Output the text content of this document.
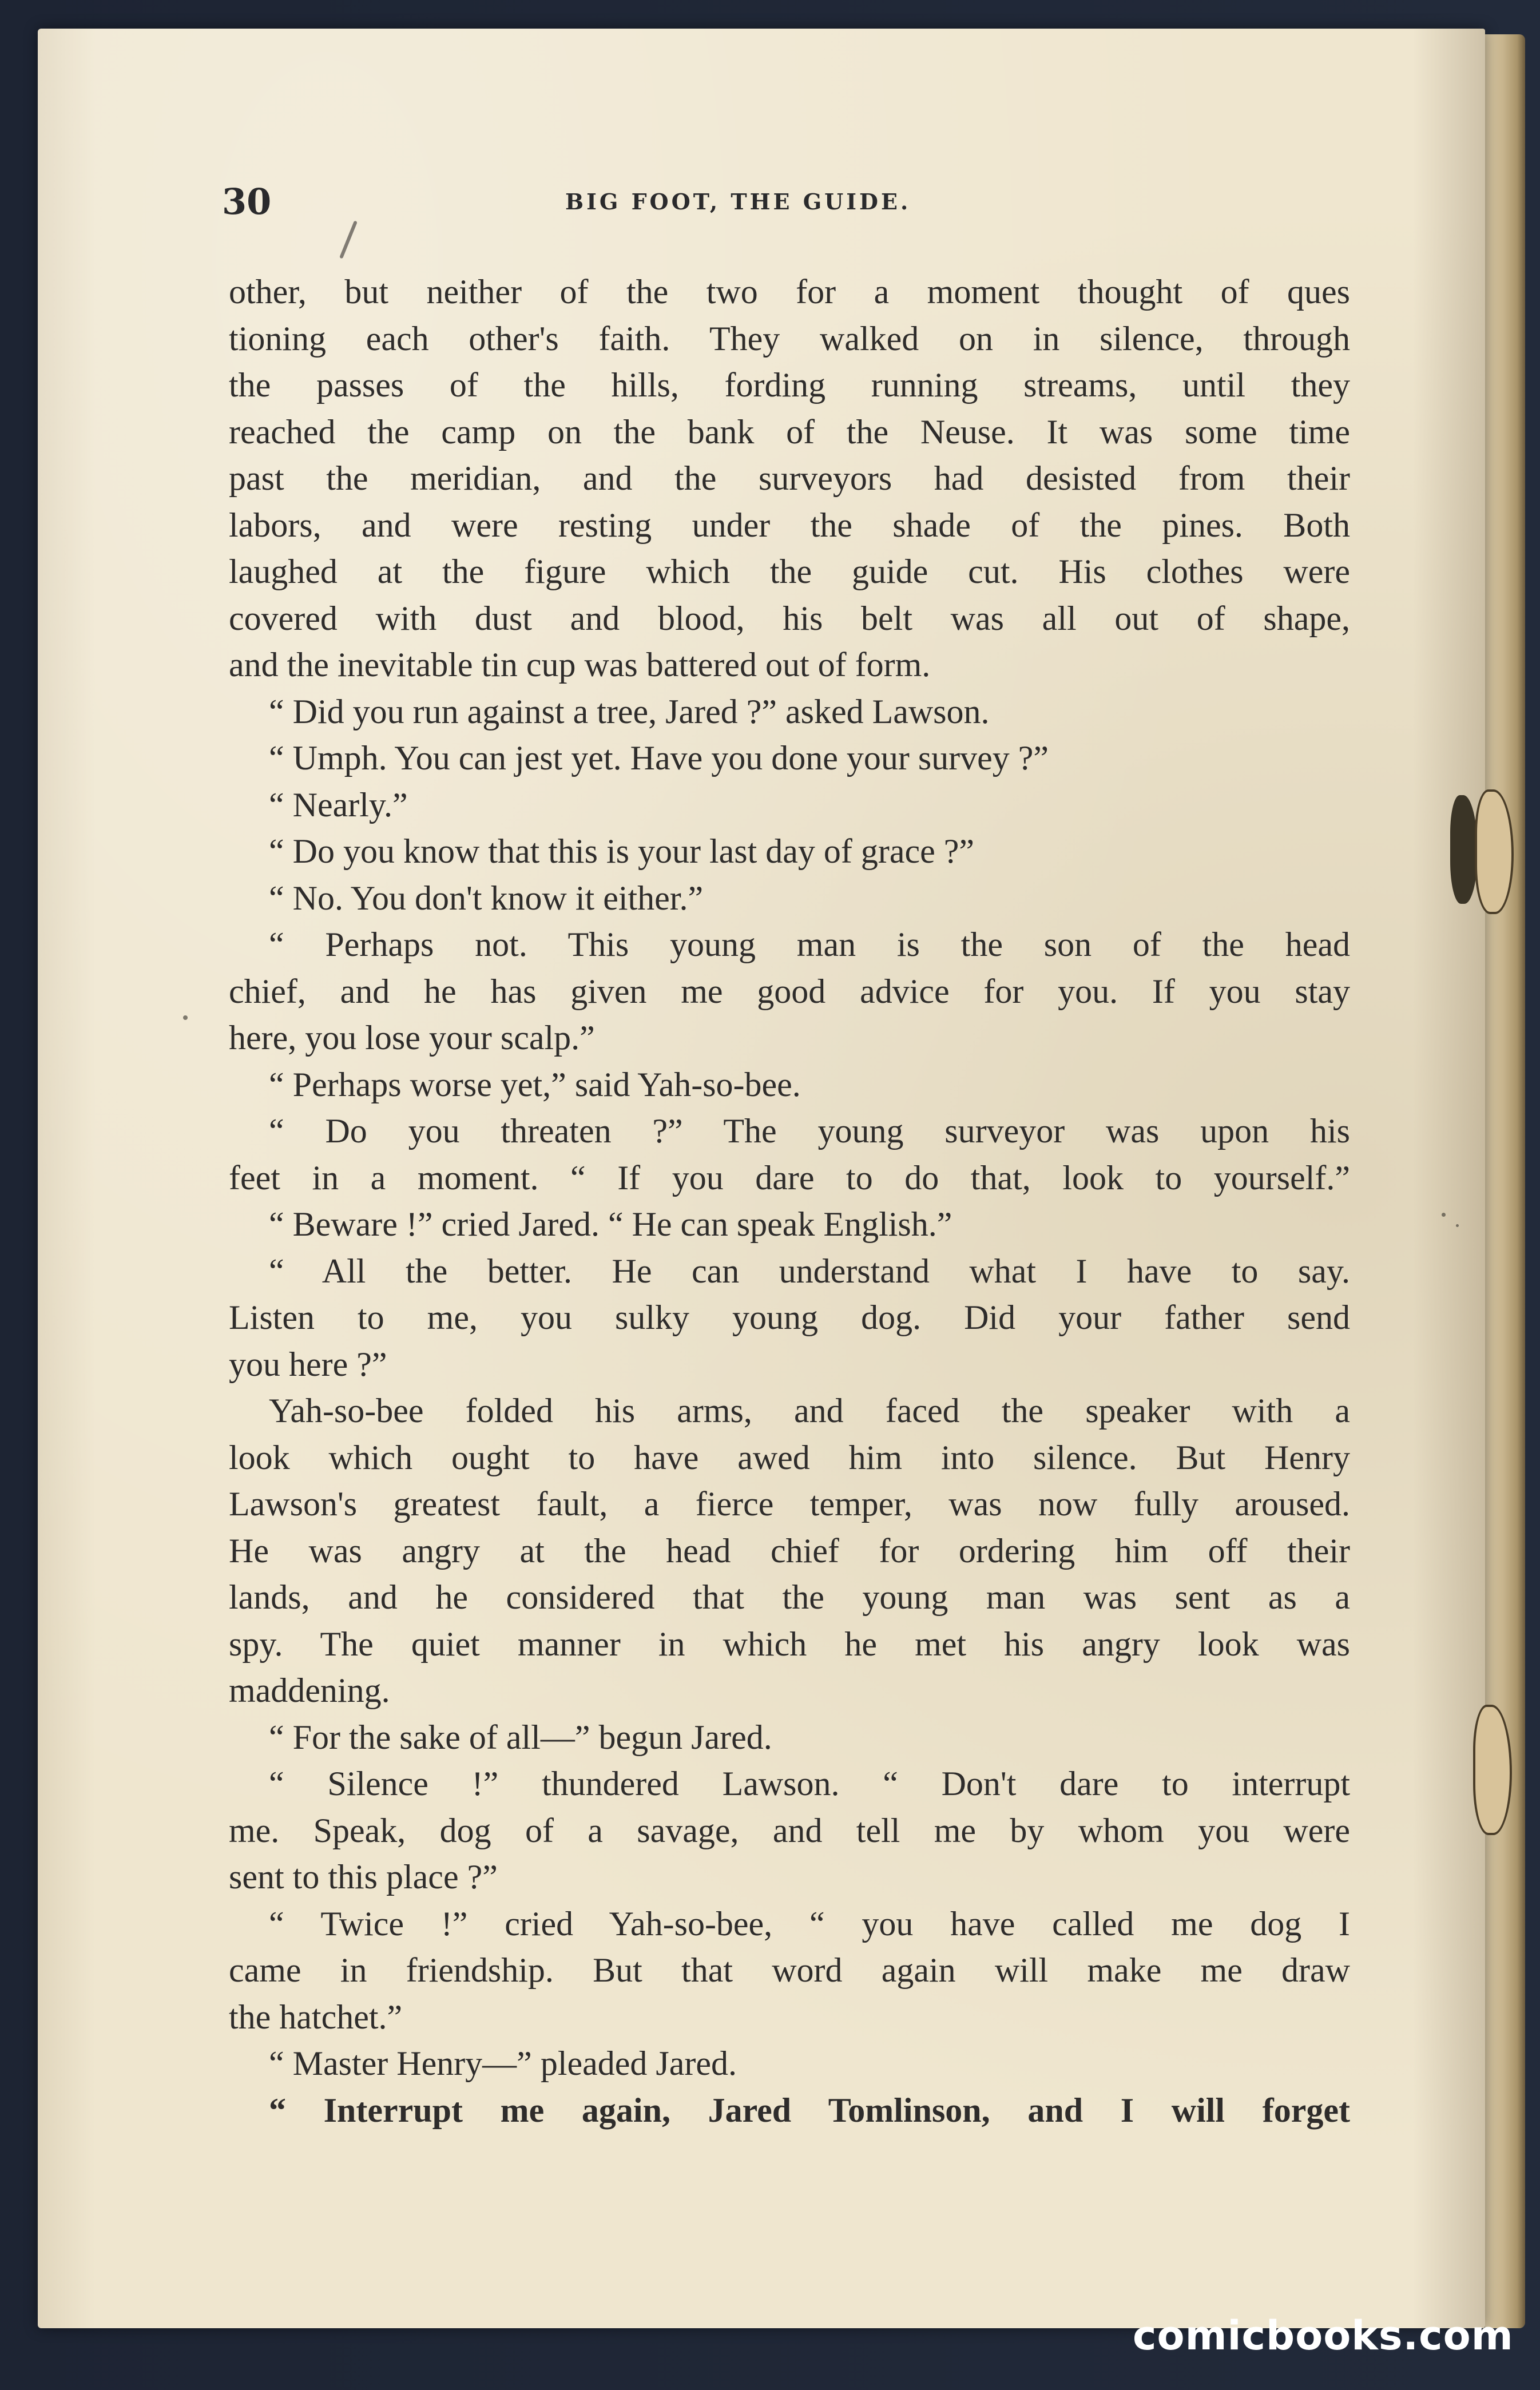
30	BIG FOOT, THE GUIDE.
other, but neither of the two for a moment thought of ques
tioning each other's faith. They walked on in silence, through
the passes of the hills, fording running streams, until they
reached the camp on the bank of the Neuse. It was some time
past the meridian, and the surveyors had desisted from their
labors, and were resting under the shade of the pines. Both
laughed at the figure which the guide cut. His clothes were
covered with dust and blood, his belt was all out of shape,
and the inevitable tin cup was battered out of form.
“ Did you run against a tree, Jared ?” asked Lawson.
“ Umph. You can jest yet. Have you done your survey ?”
“ Nearly.”
“ Do you know that this is your last day of grace ?”
“ No. You don't know it either.”
“ Perhaps not. This young man is the son of the head
chief, and he has given me good advice for you. If you stay
here, you lose your scalp.”
“ Perhaps worse yet,” said Yah-so-bee.
“ Do you threaten ?” The young surveyor was upon his
feet in a moment. “ If you dare to do that, look to yourself.”
“ Beware !” cried Jared. “ He can speak English.”
“ All the better. He can understand what I have to say.
Listen to me, you sulky young dog. Did your father send
you here ?”
Yah-so-bee folded his arms, and faced the speaker with a
look which ought to have awed him into silence. But Henry
Lawson's greatest fault, a fierce temper, was now fully aroused.
He was angry at the head chief for ordering him off their
lands, and he considered that the young man was sent as a
spy. The quiet manner in which he met his angry look was
maddening.
“ For the sake of all—” begun Jared.
“ Silence !” thundered Lawson. “ Don't dare to interrupt
me. Speak, dog of a savage, and tell me by whom you were
sent to this place ?”
“ Twice !” cried Yah-so-bee, “ you have called me dog I
came in friendship. But that word again will make me draw
the hatchet.”
“ Master Henry—” pleaded Jared.
“ Interrupt me again, Jared Tomlinson, and I will forget
comicbooks.com
